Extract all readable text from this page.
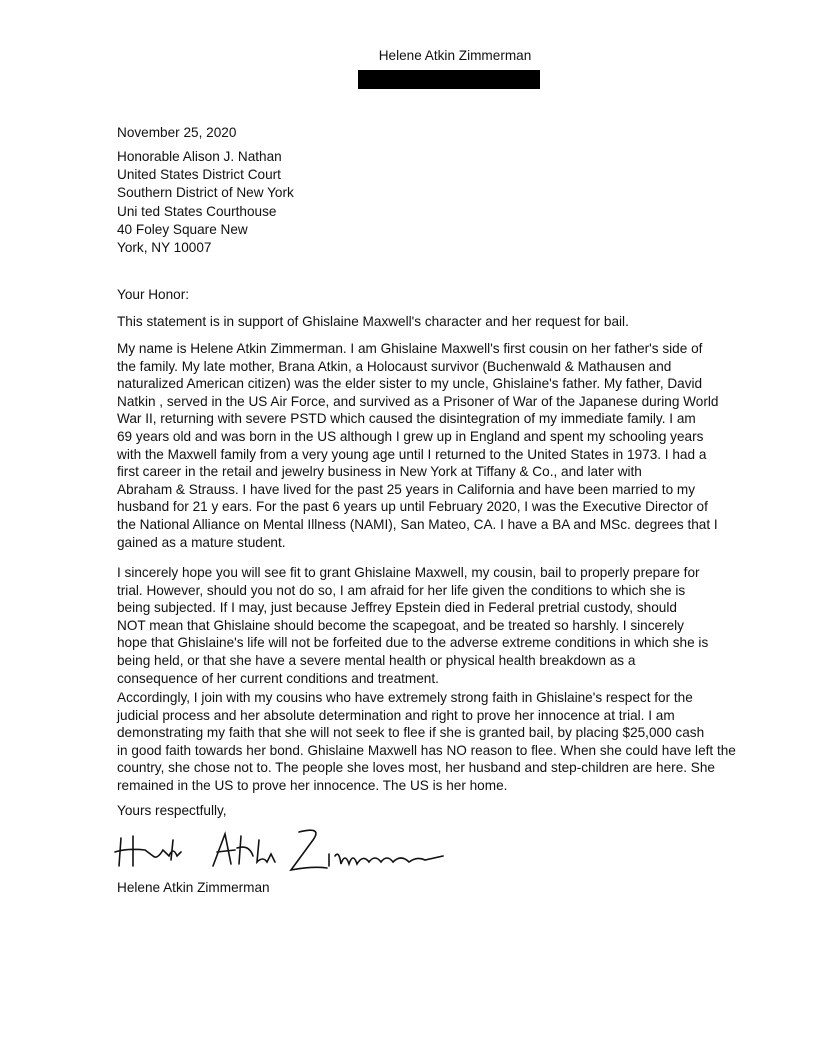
Helene Atkin Zimmerman
November 25, 2020
Honorable Alison J. Nathan
United States District Court
Southern District of New York
Uni ted States Courthouse
40 Foley Square New
York, NY 10007
Your Honor:
This statement is in support of Ghislaine Maxwell's character and her request for bail.
My name is Helene Atkin Zimmerman. I am Ghislaine Maxwell's first cousin on her father's side of
the family. My late mother, Brana Atkin, a Holocaust survivor (Buchenwald & Mathausen and
naturalized American citizen) was the elder sister to my uncle, Ghislaine's father. My father, David
Natkin , served in the US Air Force, and survived as a Prisoner of War of the Japanese during World
War II, returning with severe PSTD which caused the disintegration of my immediate family. I am
69 years old and was born in the US although I grew up in England and spent my schooling years
with the Maxwell family from a very young age until I returned to the United States in 1973. I had a
first career in the retail and jewelry business in New York at Tiffany & Co., and later with
Abraham & Strauss. I have lived for the past 25 years in California and have been married to my
husband for 21 y ears. For the past 6 years up until February 2020, I was the Executive Director of
the National Alliance on Mental Illness (NAMI), San Mateo, CA. I have a BA and MSc. degrees that I
gained as a mature student.
I sincerely hope you will see fit to grant Ghislaine Maxwell, my cousin, bail to properly prepare for
trial. However, should you not do so, I am afraid for her life given the conditions to which she is
being subjected. If I may, just because Jeffrey Epstein died in Federal pretrial custody, should
NOT mean that Ghislaine should become the scapegoat, and be treated so harshly. I sincerely
hope that Ghislaine's life will not be forfeited due to the adverse extreme conditions in which she is
being held, or that she have a severe mental health or physical health breakdown as a
consequence of her current conditions and treatment.
Accordingly, I join with my cousins who have extremely strong faith in Ghislaine's respect for the
judicial process and her absolute determination and right to prove her innocence at trial. I am
demonstrating my faith that she will not seek to flee if she is granted bail, by placing $25,000 cash
in good faith towards her bond. Ghislaine Maxwell has NO reason to flee. When she could have left the
country, she chose not to. The people she loves most, her husband and step-children are here. She
remained in the US to prove her innocence. The US is her home.
Yours respectfully,
Helene Atkin Zimmerman
